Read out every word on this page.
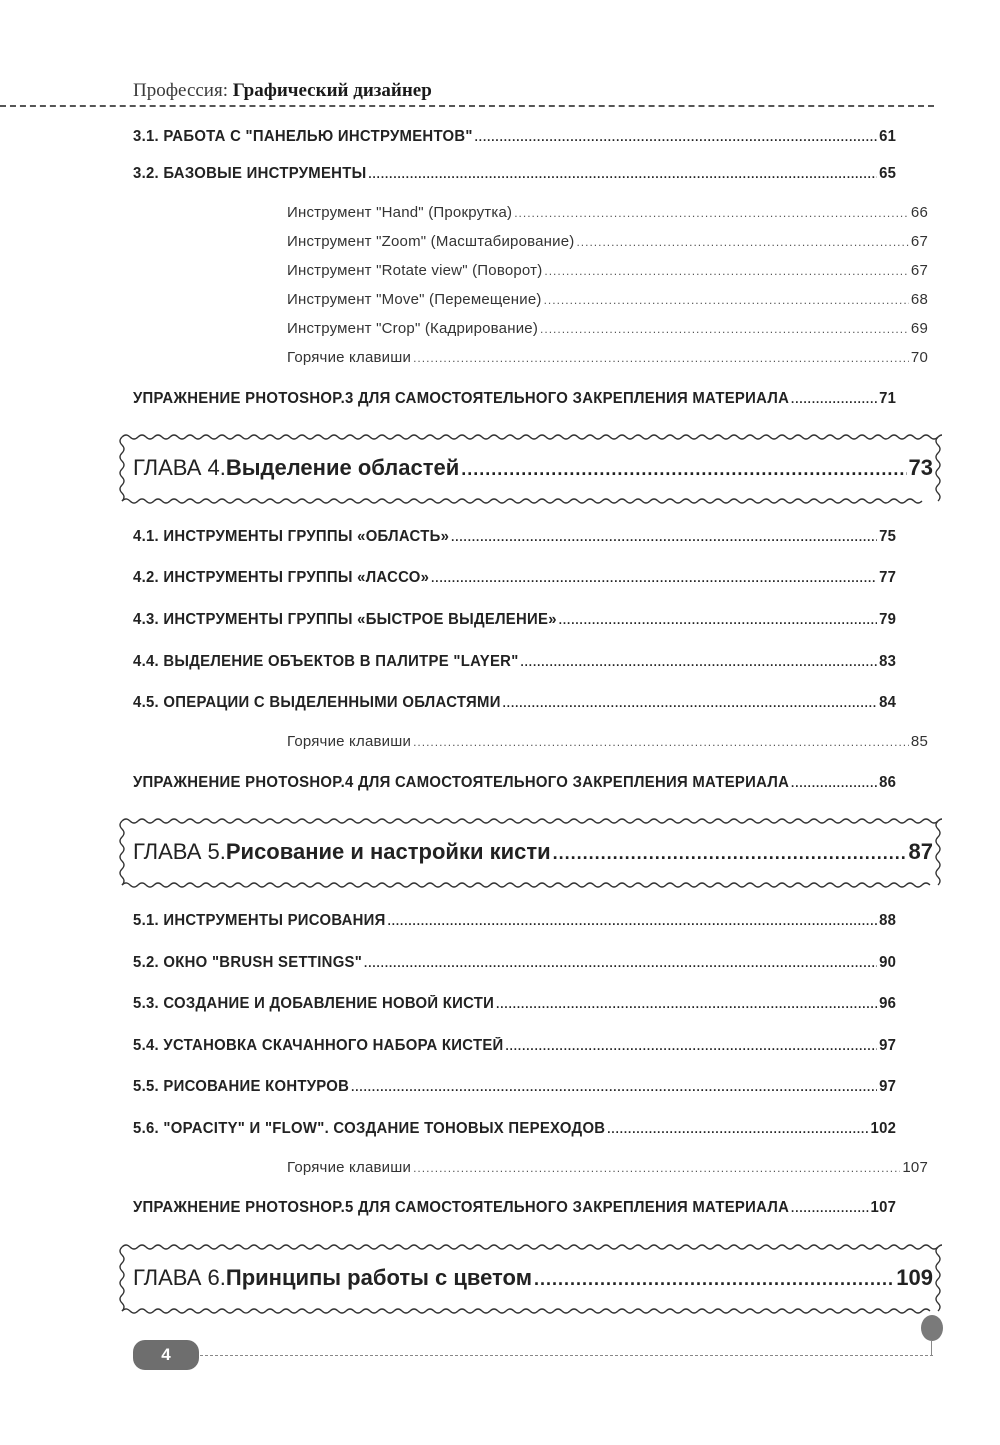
Профессия: Графический дизайнер
3.1. РАБОТА С "ПАНЕЛЬЮ ИНСТРУМЕНТОВ" .....	61
3.2. БАЗОВЫЕ ИНСТРУМЕНТЫ .....	65
Инструмент "Hand" (Прокрутка) .....	66
Инструмент "Zoom" (Масштабирование) .....	67
Инструмент "Rotate view" (Поворот) .....	67
Инструмент "Move" (Перемещение) .....	68
Инструмент "Crop" (Кадрирование) .....	69
Горячие клавиши .....	70
УПРАЖНЕНИЕ PHOTOSHOP.3 ДЛЯ САМОСТОЯТЕЛЬНОГО ЗАКРЕПЛЕНИЯ МАТЕРИАЛА .....	71
ГЛАВА 4. Выделение областей .....	73
4.1. ИНСТРУМЕНТЫ ГРУППЫ «ОБЛАСТЬ» .....	75
4.2. ИНСТРУМЕНТЫ ГРУППЫ «ЛАССО» .....	77
4.3. ИНСТРУМЕНТЫ ГРУППЫ «БЫСТРОЕ ВЫДЕЛЕНИЕ» .....	79
4.4. ВЫДЕЛЕНИЕ ОБЪЕКТОВ В ПАЛИТРЕ "LAYER" .....	83
4.5. ОПЕРАЦИИ С ВЫДЕЛЕННЫМИ ОБЛАСТЯМИ .....	84
Горячие клавиши .....	85
УПРАЖНЕНИЕ PHOTOSHOP.4 ДЛЯ САМОСТОЯТЕЛЬНОГО ЗАКРЕПЛЕНИЯ МАТЕРИАЛА .....	86
ГЛАВА 5. Рисование и настройки кисти .....	87
5.1. ИНСТРУМЕНТЫ РИСОВАНИЯ .....	88
5.2. ОКНО "BRUSH SETTINGS" .....	90
5.3. СОЗДАНИЕ И ДОБАВЛЕНИЕ НОВОЙ КИСТИ .....	96
5.4. УСТАНОВКА СКАЧАННОГО НАБОРА КИСТЕЙ .....	97
5.5. РИСОВАНИЕ КОНТУРОВ .....	97
5.6. "OPACITY" И "FLOW". СОЗДАНИЕ ТОНОВЫХ ПЕРЕХОДОВ .....	102
Горячие клавиши .....	107
УПРАЖНЕНИЕ PHOTOSHOP.5 ДЛЯ САМОСТОЯТЕЛЬНОГО ЗАКРЕПЛЕНИЯ МАТЕРИАЛА .....	107
ГЛАВА 6. Принципы работы с цветом .....	109
4
